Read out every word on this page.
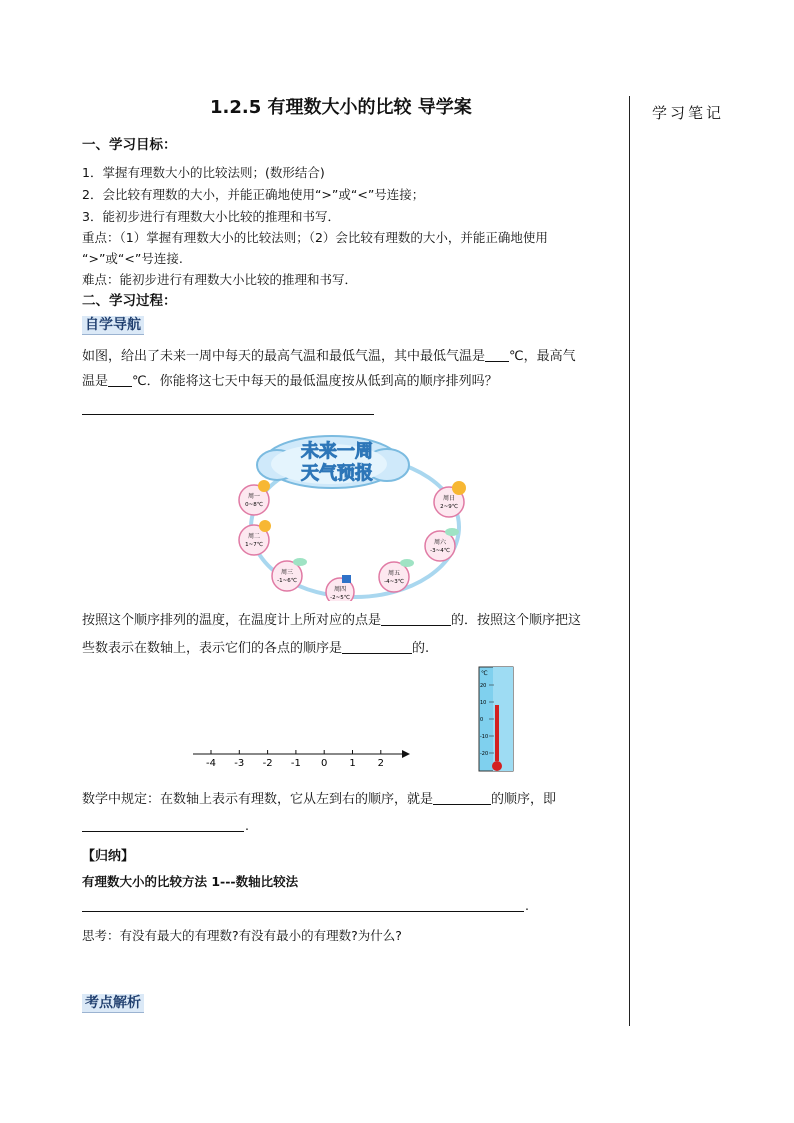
学习笔记
1.2.5 有理数大小的比较 导学案
一、学习目标：
1．掌握有理数大小的比较法则；(数形结合)
2．会比较有理数的大小，并能正确地使用“>”或“<”号连接；
3．能初步进行有理数大小比较的推理和书写．
重点：（1）掌握有理数大小的比较法则；（2）会比较有理数的大小，并能正确地使用
“>”或“<”号连接.
难点：能初步进行有理数大小比较的推理和书写．
二、学习过程：
自学导航
如图，给出了未来一周中每天的最高气温和最低气温，其中最低气温是 ℃，最高气
温是 ℃．你能将这七天中每天的最低温度按从低到高的顺序排列吗？
未来一周
天气预报
周一
0~8℃
周二
1~7℃
周三
-1~6℃
周四
-2~5℃
周五
-4~3℃
周六
-3~4℃
周日
2~9℃
按照这个顺序排列的温度，在温度计上所对应的点是	的．按照这个顺序把这
些数表示在数轴上，表示它们的各点的顺序是	的.
-4 -3 -2 -1 0 1 2
℃
20
10
0
-10
-20
数学中规定：在数轴上表示有理数，它从左到右的顺序，就是	的顺序，即
.
【归纳】
有理数大小的比较方法 1---数轴比较法
.
思考：有没有最大的有理数?有没有最小的有理数?为什么?
考点解析
